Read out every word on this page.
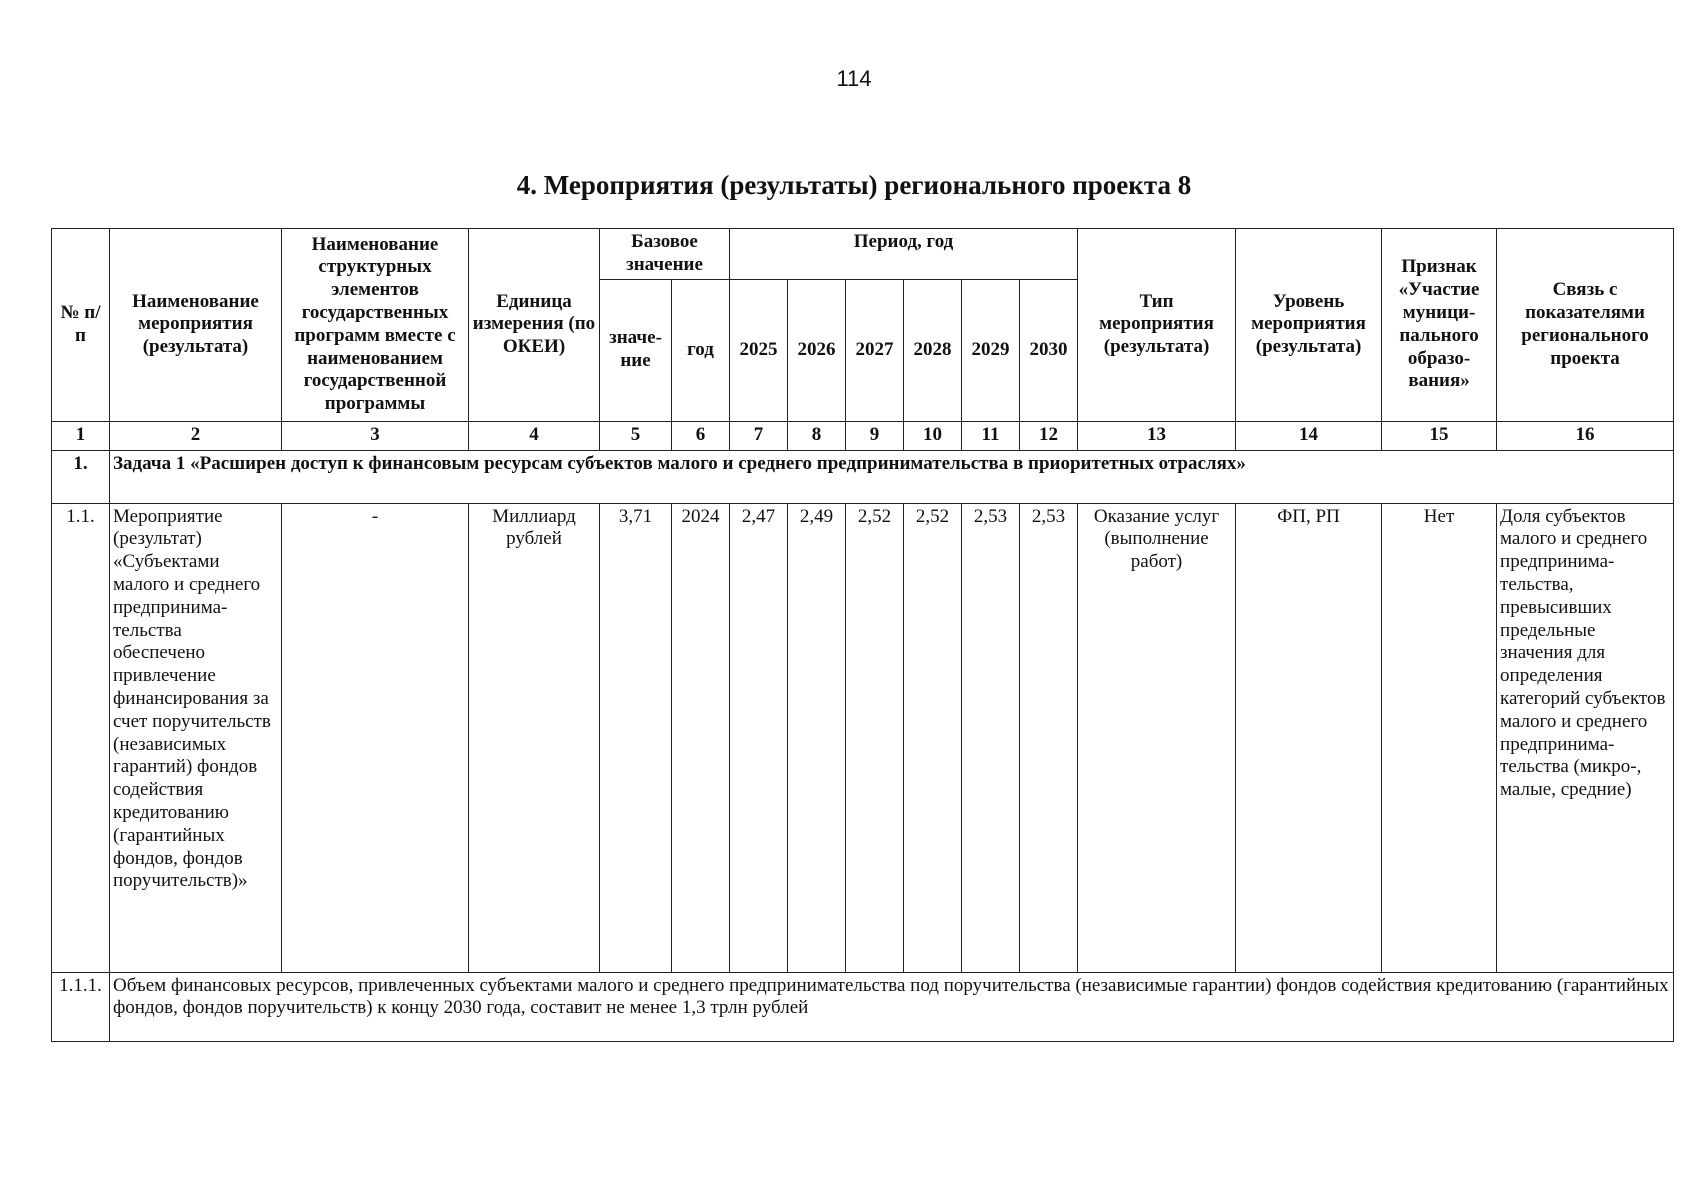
114
4. Мероприятия (результаты) регионального проекта 8
№ п/п	Наименование мероприятия (результата)	Наименование структурных элементов государственных программ вместе с наименованием государственной программы	Единица измерения (по ОКЕИ)	Базовое значение		Период, год						Тип мероприятия (результата)	Уровень мероприятия (результата)	Признак «Участие муници-пального образо-вания»	Связь с показателями регионального проекта
				значе-ние	год	2025	2026	2027	2028	2029	2030				
1	2	3	4	5	6	7	8	9	10	11	12	13	14	15	16
1.	Задача 1 «Расширен доступ к финансовым ресурсам субъектов малого и среднего предпринимательства в приоритетных отраслях»														
1.1.	Мероприятие (результат) «Субъектами малого и среднего предпринима-тельства обеспечено привлечение финансирования за счет поручительств (независимых гарантий) фондов содействия кредитованию (гарантийных фондов, фондов поручительств)»	-	Миллиард рублей	3,71	2024	2,47	2,49	2,52	2,52	2,53	2,53	Оказание услуг (выполнение работ)	ФП, РП	Нет	Доля субъектов малого и среднего предпринима-тельства, превысивших предельные значения для определения категорий субъектов малого и среднего предпринима-тельства (микро-, малые, средние)
1.1.1.	Объем финансовых ресурсов, привлеченных субъектами малого и среднего предпринимательства под поручительства (независимые гарантии) фондов содействия кредитованию (гарантийных фондов, фондов поручительств) к концу 2030 года, составит не менее 1,3 трлн рублей														
